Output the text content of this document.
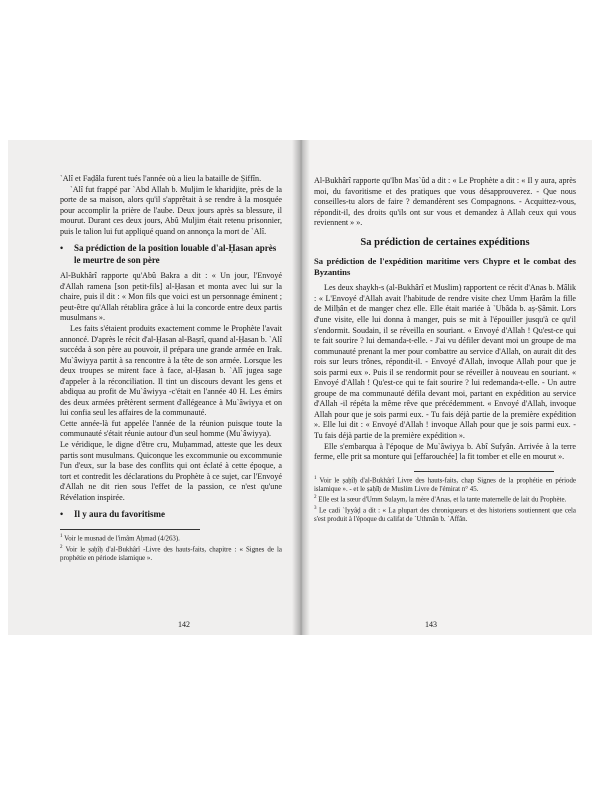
`Alî et Faḍâla furent tués l'année où a lieu la bataille de Ṣiffîn.

`Alî fut frappé par `Abd Allah b. Muljim le kharidjite, près de la porte de sa maison, alors qu'il s'apprêtait à se rendre à la mosquée pour accomplir la prière de l'aube. Deux jours après sa blessure, il mourut. Durant ces deux jours, Abû Muljim était retenu prisonnier, puis le talion lui fut appliqué quand on annonça la mort de `Alî.

•	Sa prédiction de la position louable d'al-Ḥasan après le meurtre de son père

Al-Bukhârî rapporte qu'Abû Bakra a dit : « Un jour, l'Envoyé d'Allah ramena [son petit-fils] al-Ḥasan et monta avec lui sur la chaire, puis il dit : « Mon fils que voici est un personnage éminent ; peut-être qu'Allah rétablira grâce à lui la concorde entre deux partis musulmans ».

Les faits s'étaient produits exactement comme le Prophète l'avait annoncé. D'après le récit d'al-Ḥasan al-Baṣrî, quand al-Ḥasan b. `Alî succéda à son père au pouvoir, il prépara une grande armée en Irak. Mu`âwiyya partit à sa rencontre à la tête de son armée. Lorsque les deux troupes se mirent face à face, al-Ḥasan b. `Alî jugea sage d'appeler à la réconciliation. Il tint un discours devant les gens et abdiqua au profit de Mu`âwiyya -c'était en l'année 40 H. Les émirs des deux armées prêtèrent serment d'allégeance à Mu`âwiyya et on lui confia seul les affaires de la communauté.

Cette année-là fut appelée l'année de la réunion puisque toute la communauté s'était réunie autour d'un seul homme (Mu`âwiyya).

Le véridique, le digne d'être cru, Muḥammad, atteste que les deux partis sont musulmans. Quiconque les excommunie ou excommunie l'un d'eux, sur la base des conflits qui ont éclaté à cette époque, a tort et contredit les déclarations du Prophète à ce sujet, car l'Envoyé d'Allah ne dit rien sous l'effet de la passion, ce n'est qu'une Révélation inspirée.

•	Il y aura du favoritisme
$^1$ Voir le musnad de l'imâm Aḥmad (4/263).
$^2$ Voir le ṣaḥîḥ d'al-Bukhârî -Livre des hauts-faits, chapitre : « Signes de la prophétie en période islamique ».
142

Al-Bukhârî rapporte qu'Ibn Mas`ûd a dit : « Le Prophète a dit : « Il y aura, après moi, du favoritisme et des pratiques que vous désapprouverez. - Que nous conseilles-tu alors de faire ? demandèrent ses Compagnons. - Acquittez-vous, répondit-il, des droits qu'ils ont sur vous et demandez à Allah ceux qui vous reviennent » ».

Sa prédiction de certaines expéditions
Sa prédiction de l'expédition maritime vers Chypre et le combat des Byzantins

Les deux shaykh-s (al-Bukhârî et Muslim) rapportent ce récit d'Anas b. Mâlik : « L'Envoyé d'Allah avait l'habitude de rendre visite chez Umm Ḥarâm la fille de Milḥân et de manger chez elle. Elle était mariée à `Ubâda b. aṣ-Ṣâmit. Lors d'une visite, elle lui donna à manger, puis se mit à l'épouiller jusqu'à ce qu'il s'endormit. Soudain, il se réveilla en souriant. « Envoyé d'Allah ! Qu'est-ce qui te fait sourire ? lui demanda-t-elle. - J'ai vu défiler devant moi un groupe de ma communauté prenant la mer pour combattre au service d'Allah, on aurait dit des rois sur leurs trônes, répondit-il. - Envoyé d'Allah, invoque Allah pour que je sois parmi eux ». Puis il se rendormit pour se réveiller à nouveau en souriant. « Envoyé d'Allah ! Qu'est-ce qui te fait sourire ? lui redemanda-t-elle. - Un autre groupe de ma communauté défila devant moi, partant en expédition au service d'Allah -il répéta la même rêve que précédemment. « Envoyé d'Allah, invoque Allah pour que je sois parmi eux. - Tu fais déjà partie de la première expédition ». Elle lui dit : « Envoyé d'Allah ! invoque Allah pour que je sois parmi eux. - Tu fais déjà partie de la première expédition ».

Elle s'embarqua à l'époque de Mu`âwiyya b. Abî Sufyân. Arrivée à la terre ferme, elle prit sa monture qui [effarouchée] la fit tomber et elle en mourut ».

$^1$ Voir le ṣaḥîḥ d'al-Bukhârî Livre des hauts-faits, chap Signes de la prophétie en période islamique ». - et le ṣaḥîḥ de Muslim Livre de l'émirat n° 45.
$^2$ Elle est la sœur d'Umm Sulaym, la mère d'Anas, et la tante maternelle de lait du Prophète.
$^3$ Le cadi `Iyyâḍ a dit : « La plupart des chroniqueurs et des historiens soutiennent que cela s'est produit à l'époque du califat de `Uthmân b. `Affân.
143
